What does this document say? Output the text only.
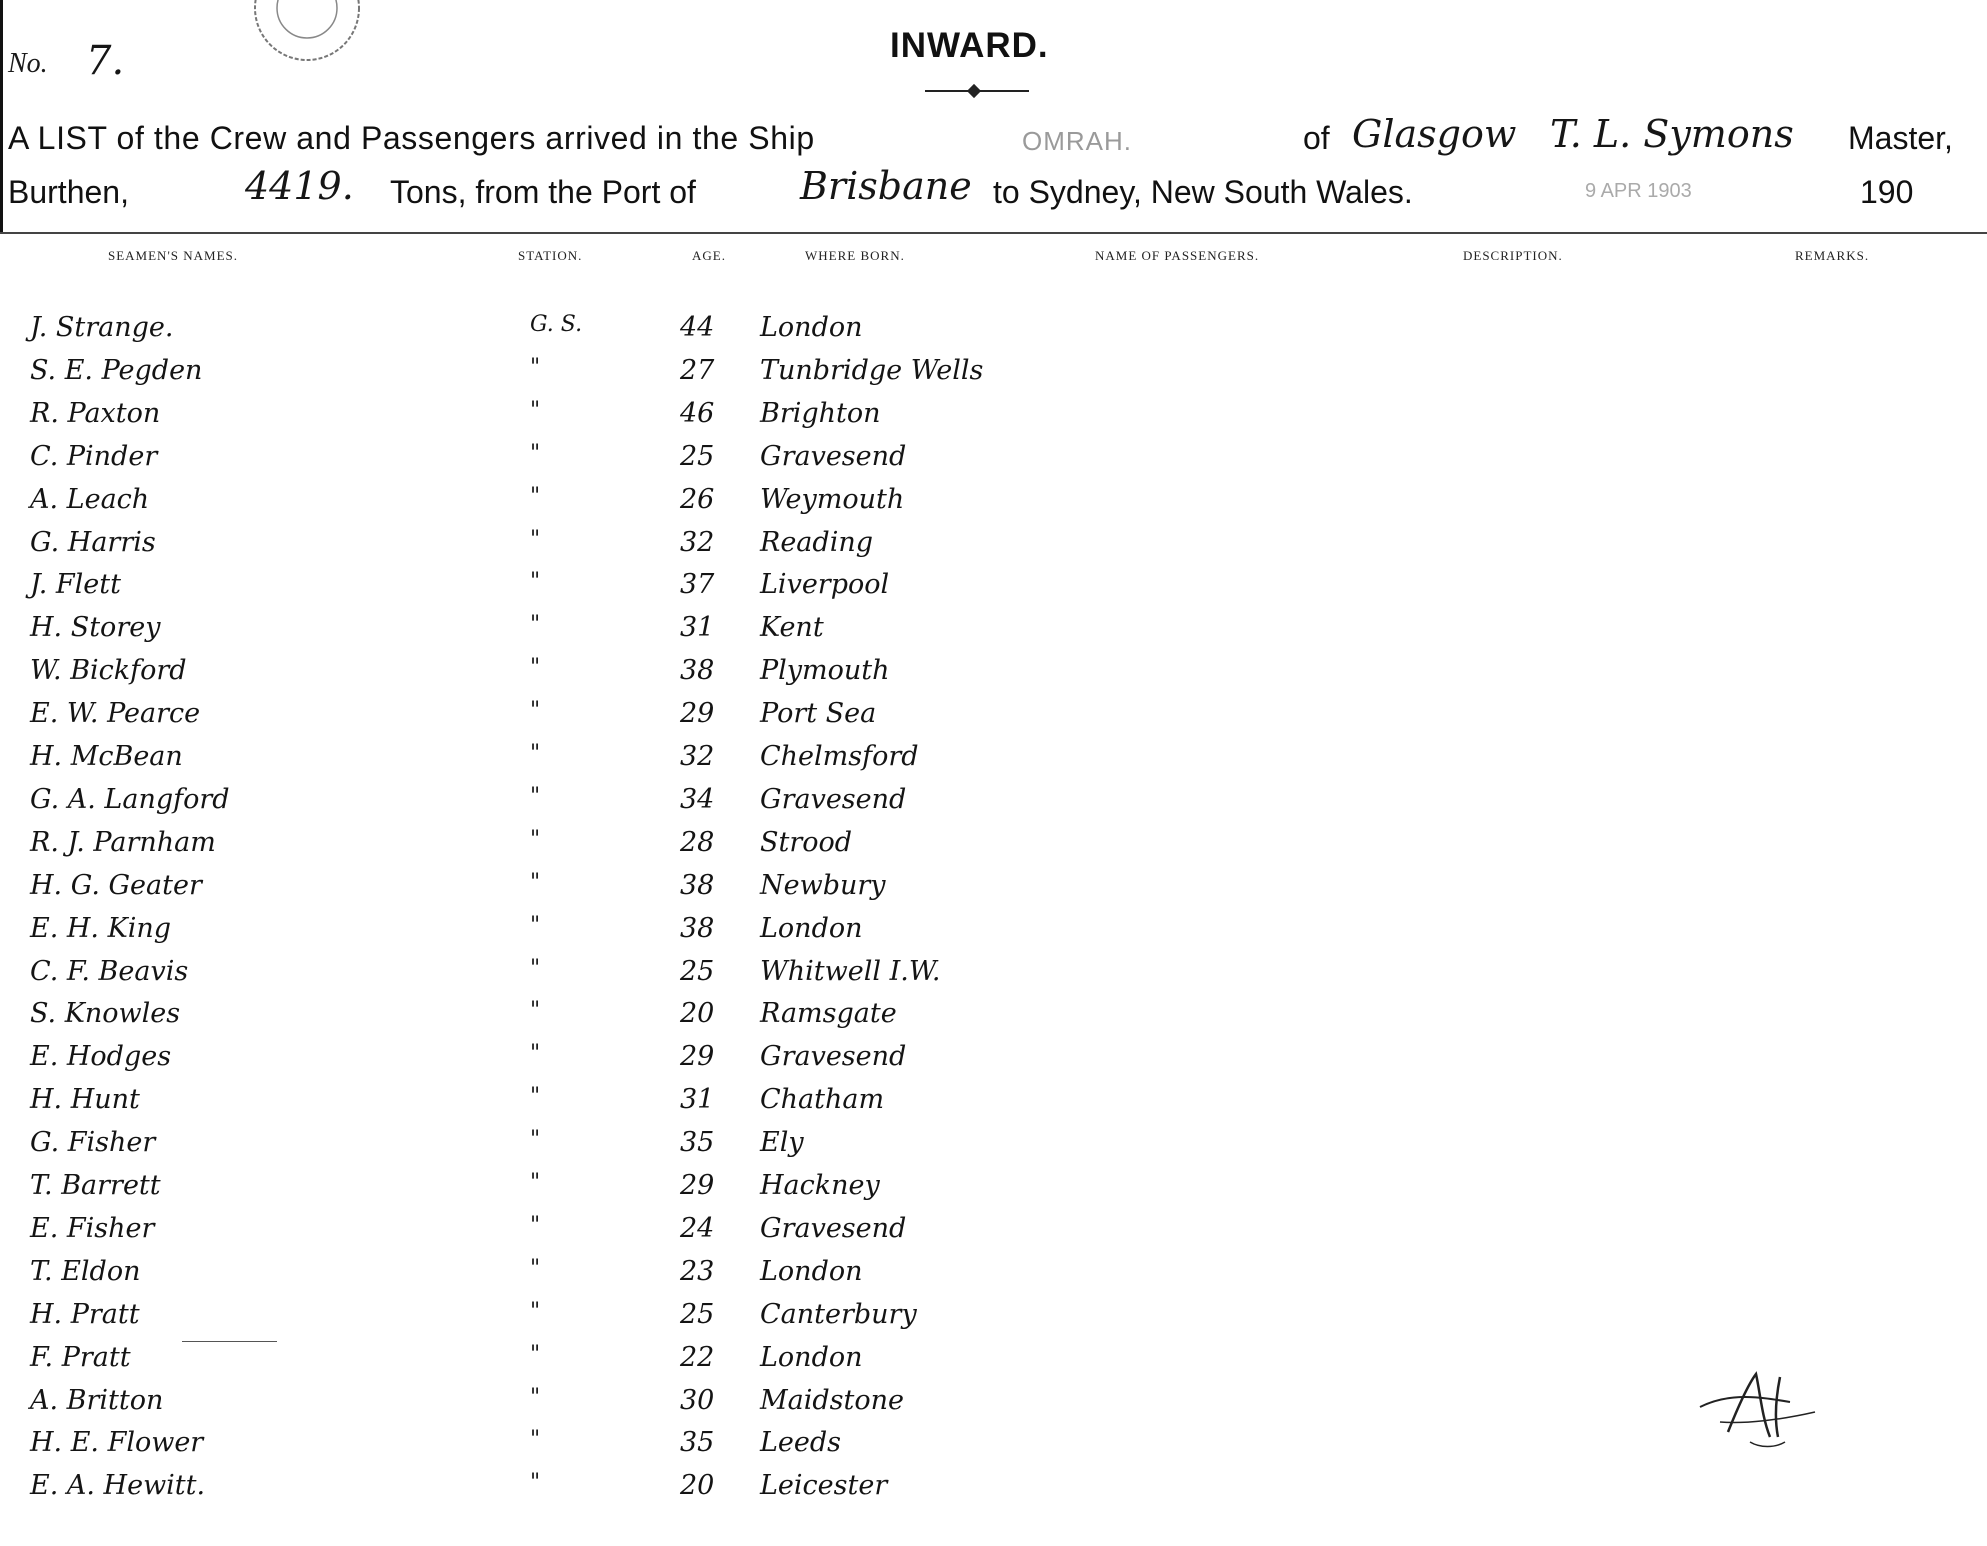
No. 7.	INWARD.
A LIST of the Crew and Passengers arrived in the Ship	OMRAH.	of Glasgow T. L. Symons Master,
Burthen,	4419. Tons, from the Port of	Brisbane to Sydney, New South Wales.	9 APR 1903	190
SEAMEN'S NAMES.	STATION.	AGE.	WHERE BORN.	NAME OF PASSENGERS.	DESCRIPTION.	REMARKS.
J. Strange.	G. S.	44 London
S. E. Pegden	"	27 Tunbridge Wells
R. Paxton	"	46 Brighton
C. Pinder	"	25 Gravesend
A. Leach	"	26 Weymouth
G. Harris	"	32 Reading
J. Flett	"	37 Liverpool
H. Storey	"	31 Kent
W. Bickford	"	38 Plymouth
E. W. Pearce	"	29 Port Sea
H. McBean	"	32 Chelmsford
G. A. Langford	"	34 Gravesend
R. J. Parnham	"	28 Strood
H. G. Geater	"	38 Newbury
E. H. King	"	38 London
C. F. Beavis	"	25 Whitwell I.W.
S. Knowles	"	20 Ramsgate
E. Hodges	"	29 Gravesend
H. Hunt	"	31 Chatham
G. Fisher	"	35 Ely
T. Barrett	"	29 Hackney
E. Fisher	"	24 Gravesend
T. Eldon	"	23 London
H. Pratt	"	25 Canterbury
F. Pratt	"	22 London
A. Britton	"	30 Maidstone
H. E. Flower	"	35 Leeds
E. A. Hewitt.	"	20 Leicester
